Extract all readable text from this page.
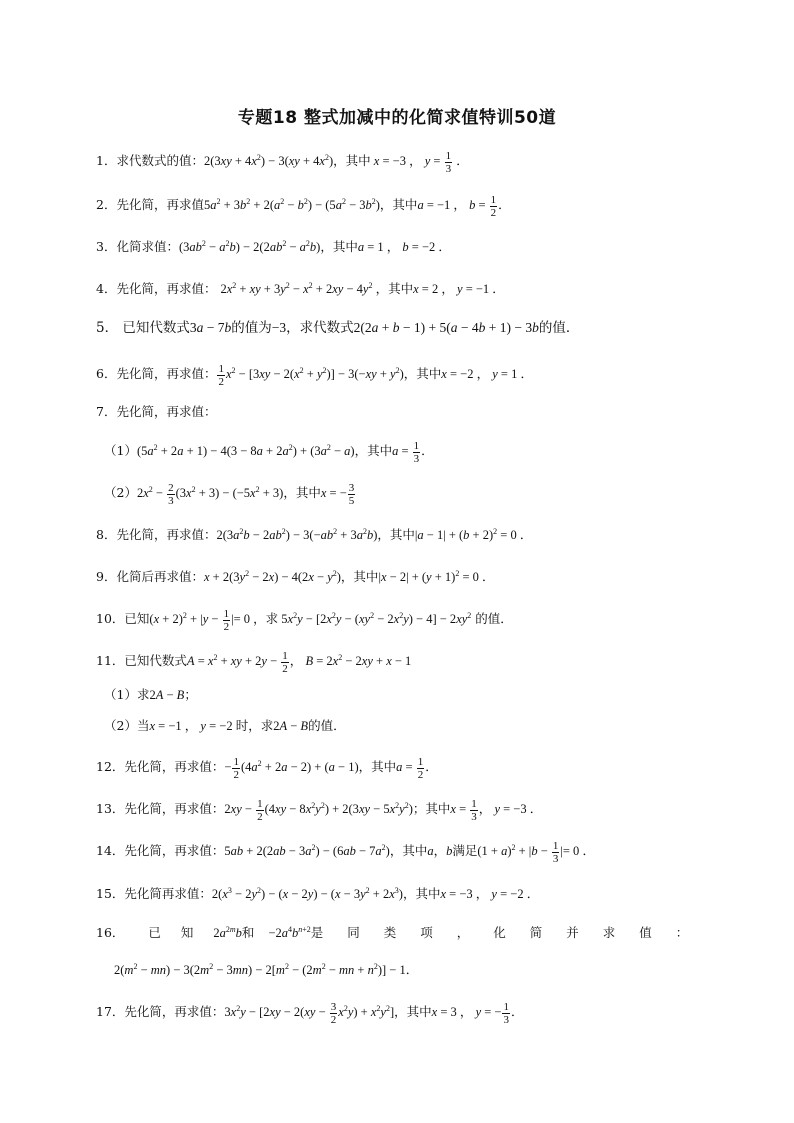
专题18 整式加减中的化简求值特训50道
1．求代数式的值：$2(3xy + 4x^2) - 3(xy + 4x^2)$，其中 x = −3 ， $y = \frac{1}{3}$ ．
2．先化简，再求值$5a^2 + 3b^2 + 2(a^2 - b^2) - (5a^2 - 3b^2)$，其中a = −1 ， $b = \frac{1}{2}$ ．
3．化简求值：$(3ab^2 - a^2b) - 2(2ab^2 - a^2b)$，其中a = 1 ， b = −2 ．
4．先化简，再求值： $2x^2$ + xy + $3y^2 - x^2 + 2xy - 4y^2$ ，其中x = 2 ， y = −1 ．
5． 已知代数式3a − 7b的值为−3，求代数式2(2a + b − 1) + 5(a − 4b + 1) − 3b的值．
6．先化简，再求值： $\frac{1}{2} x^2 - [3xy - 2(x^2 + y^2)] - 3(-xy + y^2)$，其中x = −2 ， y = 1 ．
7．先化简，再求值：
$(1)(5a^2 + 2a + 1) - 4(3 - 8a + 2a^2) + (3a^2 - a)$，其中$a = \frac{1}{3}$ ．
$(2)2x^2 - \frac{2}{3} (3x^2 + 3) - (-5x^2 + 3)$，其中x = − $\frac{3}{5}$
8．先化简，再求值：$2(3a^2b - 2ab^2) - 3(-ab^2 + 3a^2b)$，其中$|a - 1| + (b + 2)^2 = 0$ ．
9．化简后再求值：$x + 2(3y^2 - 2x) - 4(2x - y^2)$，其中$|x - 2| + (y + 1)^2 = 0$ ．
10．已知$(x + 2)^2 + |y - \frac{1}{2}$ |= 0 ，求 $5x^2y - [2x^2y - (xy^2 - 2x^2y) - 4] - 2xy^2$ 的值．
11．已知代数式$A = x^2$ + xy + $2y - \frac{1}{2}$ ， $B = 2x^2 - 2xy + x - 1$
（1）求2A − B；
（2）当x = −1 ， y = −2 时，求2A − B的值．
12．先化简，再求值：− $\frac{1}{2} (4a^2 + 2a - 2) + (a - 1)$，其中$a = \frac{1}{2}$ ．
13．先化简，再求值：$2xy - \frac{1}{2} (4xy - 8x^2y^2) + 2(3xy - 5x^2y^2)$；其中$x = \frac{1}{3}$ ， y = −3 ．
14．先化简，再求值：$5ab + 2(2ab - 3a^2) - (6ab - 7a^2)$，其中a，b满足$(1 + a)^2 + |b - \frac{1}{3}$ |= 0 ．
15．先化简再求值：$2(x^3 - 2y^2) - (x - 2y) - (x - 3y^2 + 2x^3)$，其中x = −3 ， y = −2 ．
16． 已知$2a^{2m}b$和 $-2a^4b^{n+2}$是同类项，化简并求值：
$2(m^2 - mn) - 3(2m^2 - 3mn) - 2[m^2 - (2m^2$ − mn + $n^2)] - 1$．
17．先化简，再求值：$3x^2y - [2xy - 2(xy - \frac{3}{2} x^2y) + x^2y^2]$，其中x = 3 ， y = − $\frac{1}{3}$ ．
